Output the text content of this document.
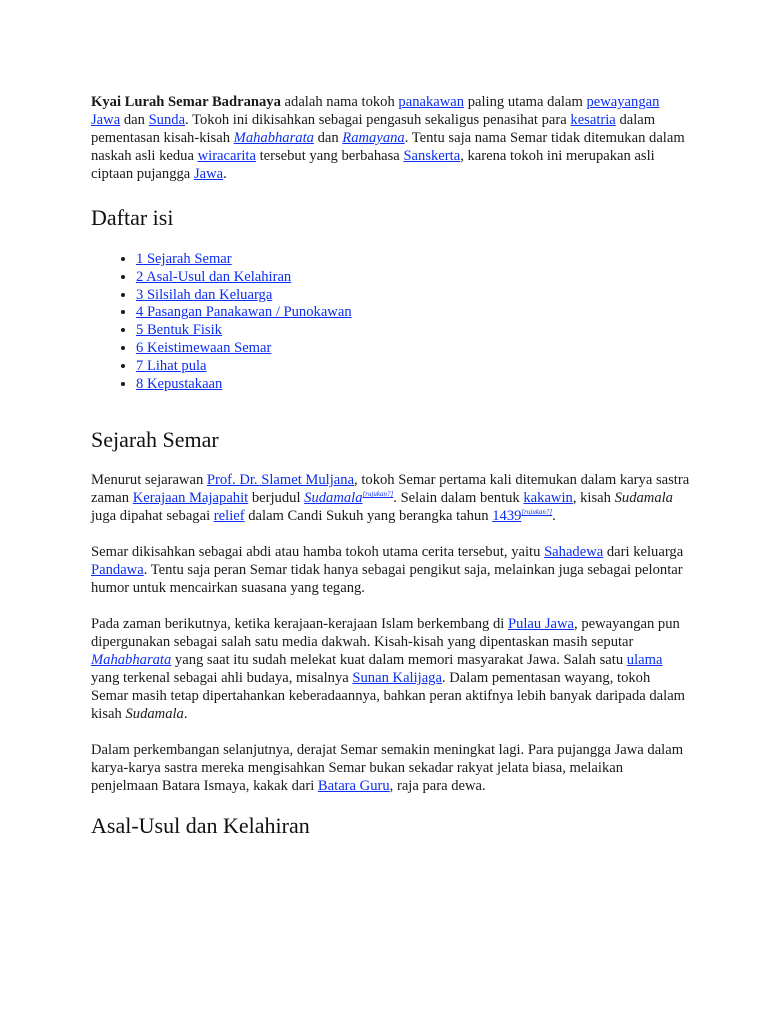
Kyai Lurah Semar Badranaya adalah nama tokoh panakawan paling utama dalam pewayangan Jawa dan Sunda. Tokoh ini dikisahkan sebagai pengasuh sekaligus penasihat para kesatria dalam pementasan kisah-kisah Mahabharata dan Ramayana. Tentu saja nama Semar tidak ditemukan dalam naskah asli kedua wiracarita tersebut yang berbahasa Sanskerta, karena tokoh ini merupakan asli ciptaan pujangga Jawa.

Daftar isi
• 1 Sejarah Semar
• 2 Asal-Usul dan Kelahiran
• 3 Silsilah dan Keluarga
• 4 Pasangan Panakawan / Punokawan
• 5 Bentuk Fisik
• 6 Keistimewaan Semar
• 7 Lihat pula
• 8 Kepustakaan
Sejarah Semar

Menurut sejarawan Prof. Dr. Slamet Muljana, tokoh Semar pertama kali ditemukan dalam karya sastra zaman Kerajaan Majapahit berjudul Sudamala[rujukan?]. Selain dalam bentuk kakawin, kisah Sudamala juga dipahat sebagai relief dalam Candi Sukuh yang berangka tahun 1439[rujukan?].

Semar dikisahkan sebagai abdi atau hamba tokoh utama cerita tersebut, yaitu Sahadewa dari keluarga Pandawa. Tentu saja peran Semar tidak hanya sebagai pengikut saja, melainkan juga sebagai pelontar humor untuk mencairkan suasana yang tegang.

Pada zaman berikutnya, ketika kerajaan-kerajaan Islam berkembang di Pulau Jawa, pewayangan pun dipergunakan sebagai salah satu media dakwah. Kisah-kisah yang dipentaskan masih seputar Mahabharata yang saat itu sudah melekat kuat dalam memori masyarakat Jawa. Salah satu ulama yang terkenal sebagai ahli budaya, misalnya Sunan Kalijaga. Dalam pementasan wayang, tokoh Semar masih tetap dipertahankan keberadaannya, bahkan peran aktifnya lebih banyak daripada dalam kisah Sudamala.

Dalam perkembangan selanjutnya, derajat Semar semakin meningkat lagi. Para pujangga Jawa dalam karya-karya sastra mereka mengisahkan Semar bukan sekadar rakyat jelata biasa, melaikan penjelmaan Batara Ismaya, kakak dari Batara Guru, raja para dewa.

Asal-Usul dan Kelahiran
